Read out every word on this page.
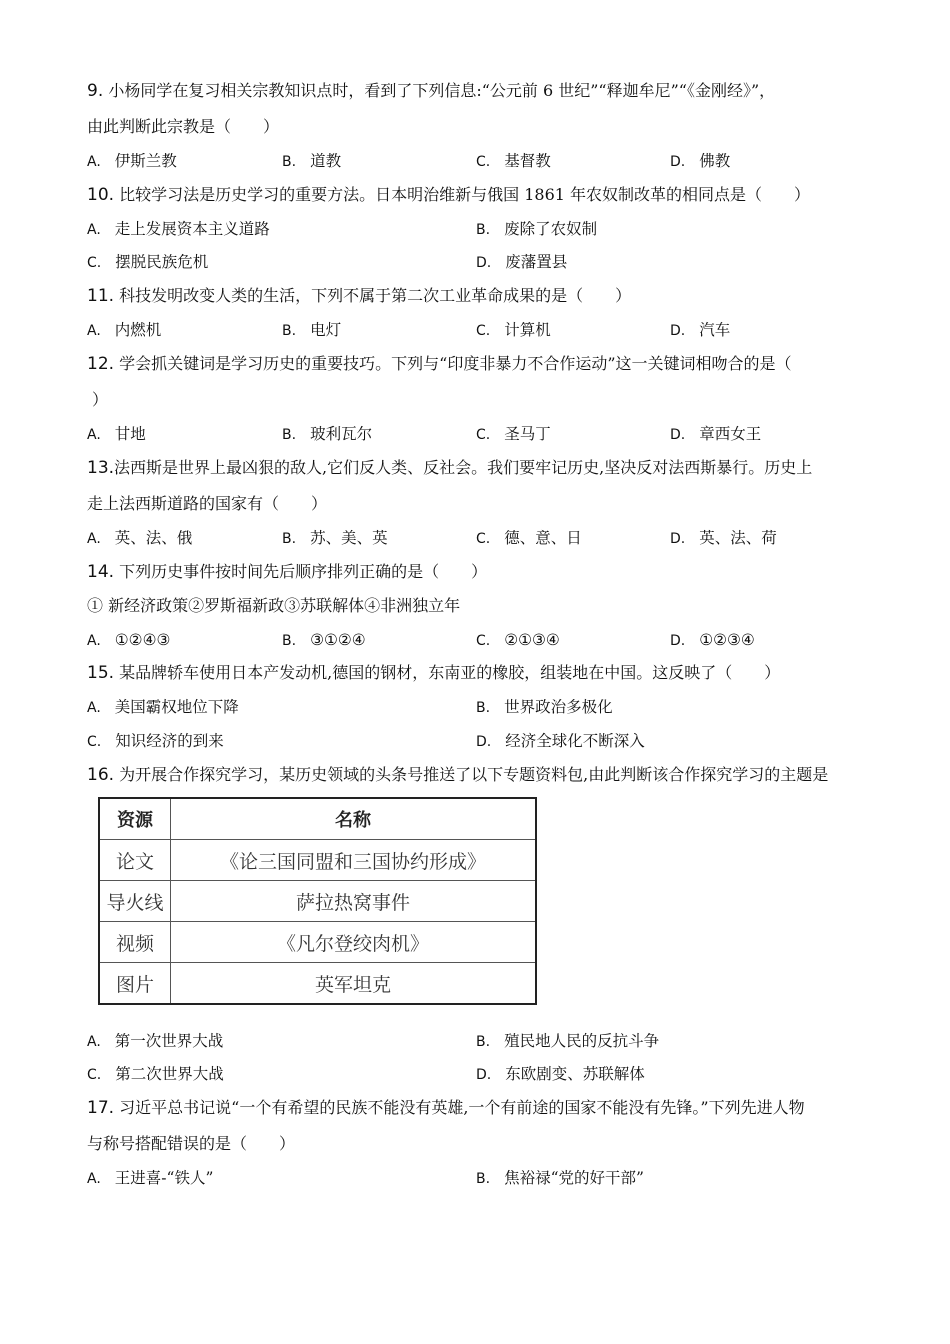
9. 小杨同学在复习相关宗教知识点时，看到了下列信息:“公元前 6 世纪”“释迦牟尼”“《金刚经》”，
由此判断此宗教是（　　）
A. 伊斯兰教	B. 道教	C. 基督教	D. 佛教
10. 比较学习法是历史学习的重要方法。日本明治维新与俄国 1861 年农奴制改革的相同点是（　　）
A. 走上发展资本主义道路	B. 废除了农奴制
C. 摆脱民族危机	D. 废藩置县
11. 科技发明改变人类的生活，下列不属于第二次工业革命成果的是（　　）
A. 内燃机	B. 电灯	C. 计算机	D. 汽车
12. 学会抓关键词是学习历史的重要技巧。下列与“印度非暴力不合作运动”这一关键词相吻合的是（
）
A. 甘地	B. 玻利瓦尔	C. 圣马丁	D. 章西女王
13.法西斯是世界上最凶狠的敌人,它们反人类、反社会。我们要牢记历史,坚决反对法西斯暴行。历史上
走上法西斯道路的国家有（　　）
A. 英、法、俄	B. 苏、美、英	C. 德、意、日	D. 英、法、荷
14. 下列历史事件按时间先后顺序排列正确的是（　　）
① 新经济政策②罗斯福新政③苏联解体④非洲独立年
A. ①②④③	B. ③①②④	C. ②①③④	D. ①②③④
15. 某品牌轿车使用日本产发动机,德国的钢材，东南亚的橡胶，组装地在中国。这反映了（　　）
A. 美国霸权地位下降	B. 世界政治多极化
C. 知识经济的到来	D. 经济全球化不断深入
16. 为开展合作探究学习，某历史领域的头条号推送了以下专题资料包,由此判断该合作探究学习的主题是
资源	名称
论文	《论三国同盟和三国协约形成》
导火线	萨拉热窝事件
视频	《凡尔登绞肉机》
图片	英军坦克
A. 第一次世界大战	B. 殖民地人民的反抗斗争
C. 第二次世界大战	D. 东欧剧变、苏联解体
17. 习近平总书记说“一个有希望的民族不能没有英雄,一个有前途的国家不能没有先锋。”下列先进人物
与称号搭配错误的是（　　）
A. 王进喜-“铁人”	B. 焦裕禄“党的好干部”
